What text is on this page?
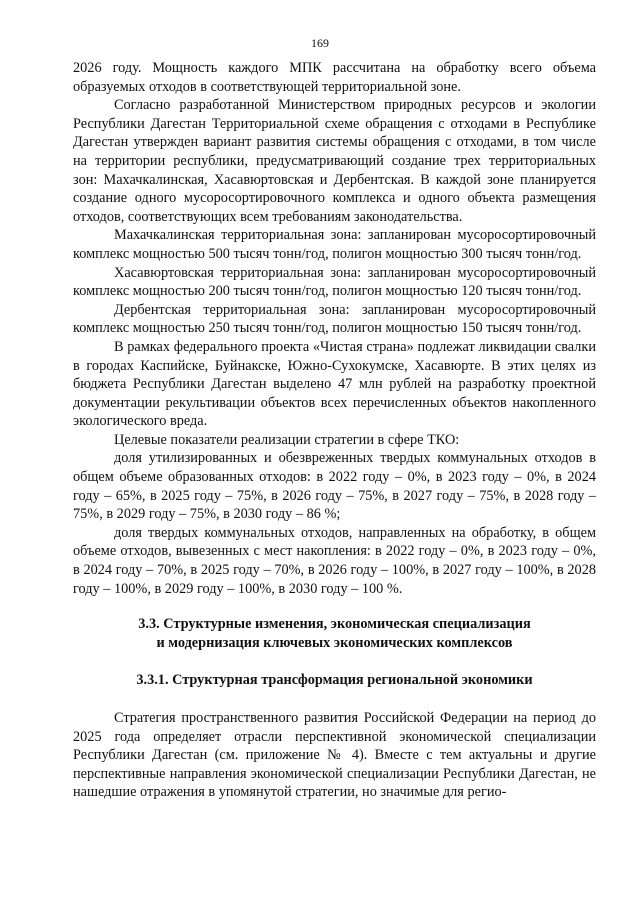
169

2026 году. Мощность каждого МПК рассчитана на обработку всего объема образуемых отходов в соответствующей территориальной зоне.

Согласно разработанной Министерством природных ресурсов и экологии Республики Дагестан Территориальной схеме обращения с отходами в Республике Дагестан утвержден вариант развития системы обращения с отходами, в том числе на территории республики, предусматривающий создание трех территориальных зон: Махачкалинская, Хасавюртовская и Дербентская. В каждой зоне планируется создание одного мусоросортировочного комплекса и одного объекта размещения отходов, соответствующих всем требованиям законодательства.

Махачкалинская территориальная зона: запланирован мусоросортировочный комплекс мощностью 500 тысяч тонн/год, полигон мощностью 300 тысяч тонн/год.

Хасавюртовская территориальная зона: запланирован мусоросортировочный комплекс мощностью 200 тысяч тонн/год, полигон мощностью 120 тысяч тонн/год.

Дербентская территориальная зона: запланирован мусоросортировочный комплекс мощностью 250 тысяч тонн/год, полигон мощностью 150 тысяч тонн/год.

В рамках федерального проекта «Чистая страна» подлежат ликвидации свалки в городах Каспийске, Буйнакске, Южно-Сухокумске, Хасавюрте. В этих целях из бюджета Республики Дагестан выделено 47 млн рублей на разработку проектной документации рекультивации объектов всех перечисленных объектов накопленного экологического вреда.

Целевые показатели реализации стратегии в сфере ТКО:

доля утилизированных и обезвреженных твердых коммунальных отходов в общем объеме образованных отходов: в 2022 году – 0%, в 2023 году – 0%, в 2024 году – 65%, в 2025 году – 75%, в 2026 году – 75%, в 2027 году – 75%, в 2028 году – 75%, в 2029 году – 75%, в 2030 году – 86 %;

доля твердых коммунальных отходов, направленных на обработку, в общем объеме отходов, вывезенных с мест накопления: в 2022 году – 0%, в 2023 году – 0%, в 2024 году – 70%, в 2025 году – 70%, в 2026 году – 100%, в 2027 году – 100%, в 2028 году – 100%, в 2029 году – 100%, в 2030 году – 100 %.

3.3. Структурные изменения, экономическая специализация
и модернизация ключевых экономических комплексов
3.3.1. Структурная трансформация региональной экономики

Стратегия пространственного развития Российской Федерации на период до 2025 года определяет отрасли перспективной экономической специализации Республики Дагестан (см. приложение № 4). Вместе с тем актуальны и другие перспективные направления экономической специализации Республики Дагестан, не нашедшие отражения в упомянутой стратегии, но значимые для регио-
